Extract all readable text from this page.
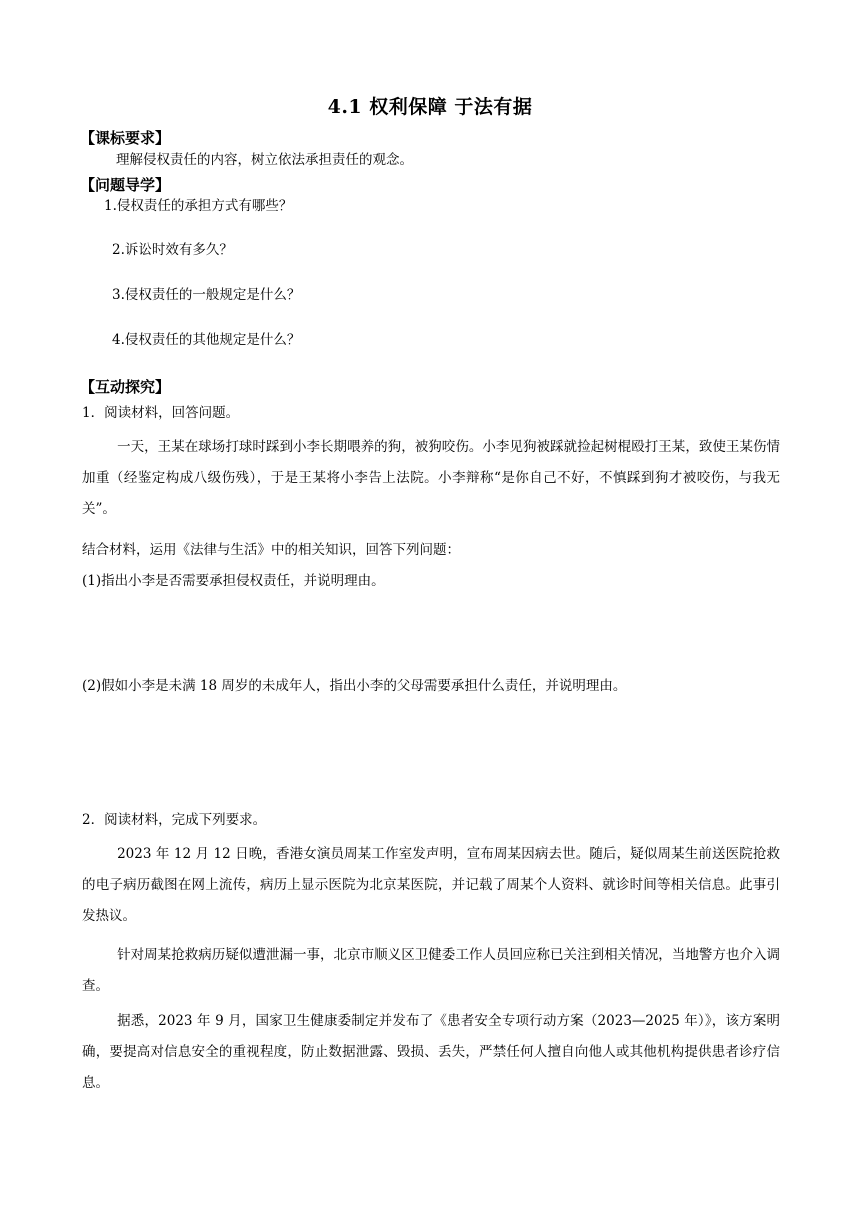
4.1 权利保障 于法有据
【课标要求】
理解侵权责任的内容，树立依法承担责任的观念。
【问题导学】
1.侵权责任的承担方式有哪些？
2.诉讼时效有多久？
3.侵权责任的一般规定是什么？
4.侵权责任的其他规定是什么？
【互动探究】
1．阅读材料，回答问题。
一天，王某在球场打球时踩到小李长期喂养的狗，被狗咬伤。小李见狗被踩就捡起树棍殴打王某，致使王某伤情加重（经鉴定构成八级伤残），于是王某将小李告上法院。小李辩称“是你自己不好，不慎踩到狗才被咬伤，与我无关”。
结合材料，运用《法律与生活》中的相关知识，回答下列问题：
(1)指出小李是否需要承担侵权责任，并说明理由。
(2)假如小李是未满 18 周岁的未成年人，指出小李的父母需要承担什么责任，并说明理由。
2．阅读材料，完成下列要求。
2023 年 12 月 12 日晚，香港女演员周某工作室发声明，宣布周某因病去世。随后，疑似周某生前送医院抢救的电子病历截图在网上流传，病历上显示医院为北京某医院，并记载了周某个人资料、就诊时间等相关信息。此事引发热议。
针对周某抢救病历疑似遭泄漏一事，北京市顺义区卫健委工作人员回应称已关注到相关情况，当地警方也介入调查。
据悉，2023 年 9 月，国家卫生健康委制定并发布了《患者安全专项行动方案（2023—2025 年）》，该方案明确，要提高对信息安全的重视程度，防止数据泄露、毁损、丢失，严禁任何人擅自向他人或其他机构提供患者诊疗信息。
